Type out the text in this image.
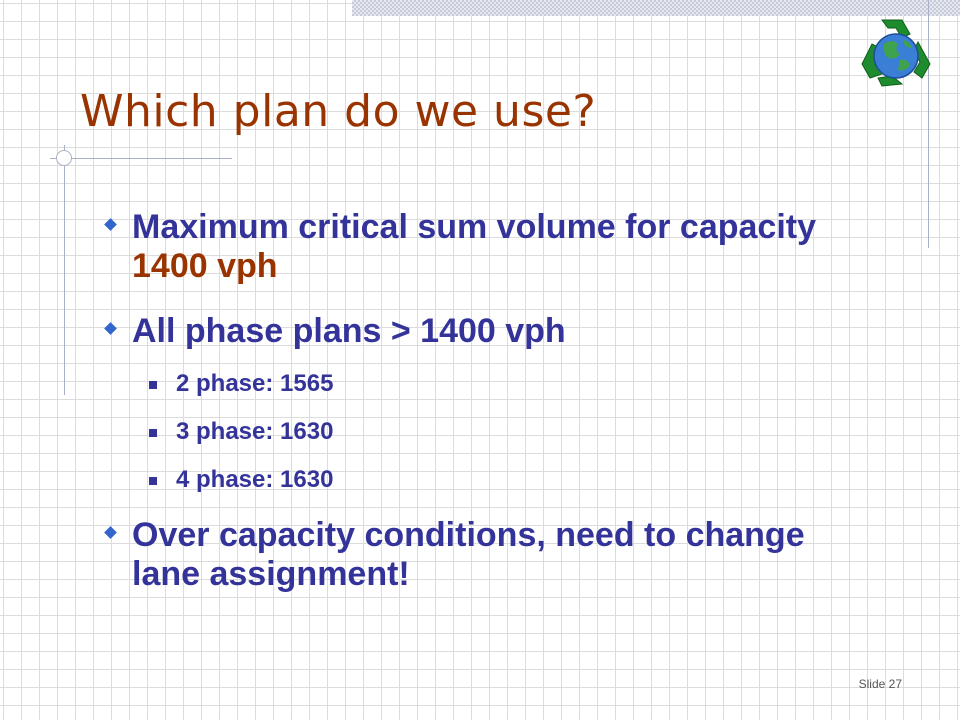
Which plan do we use?
Maximum critical sum volume for capacity 1400 vph
All phase plans > 1400 vph
2 phase: 1565
3 phase: 1630
4 phase: 1630
Over capacity conditions, need to change lane assignment!
Slide 27
